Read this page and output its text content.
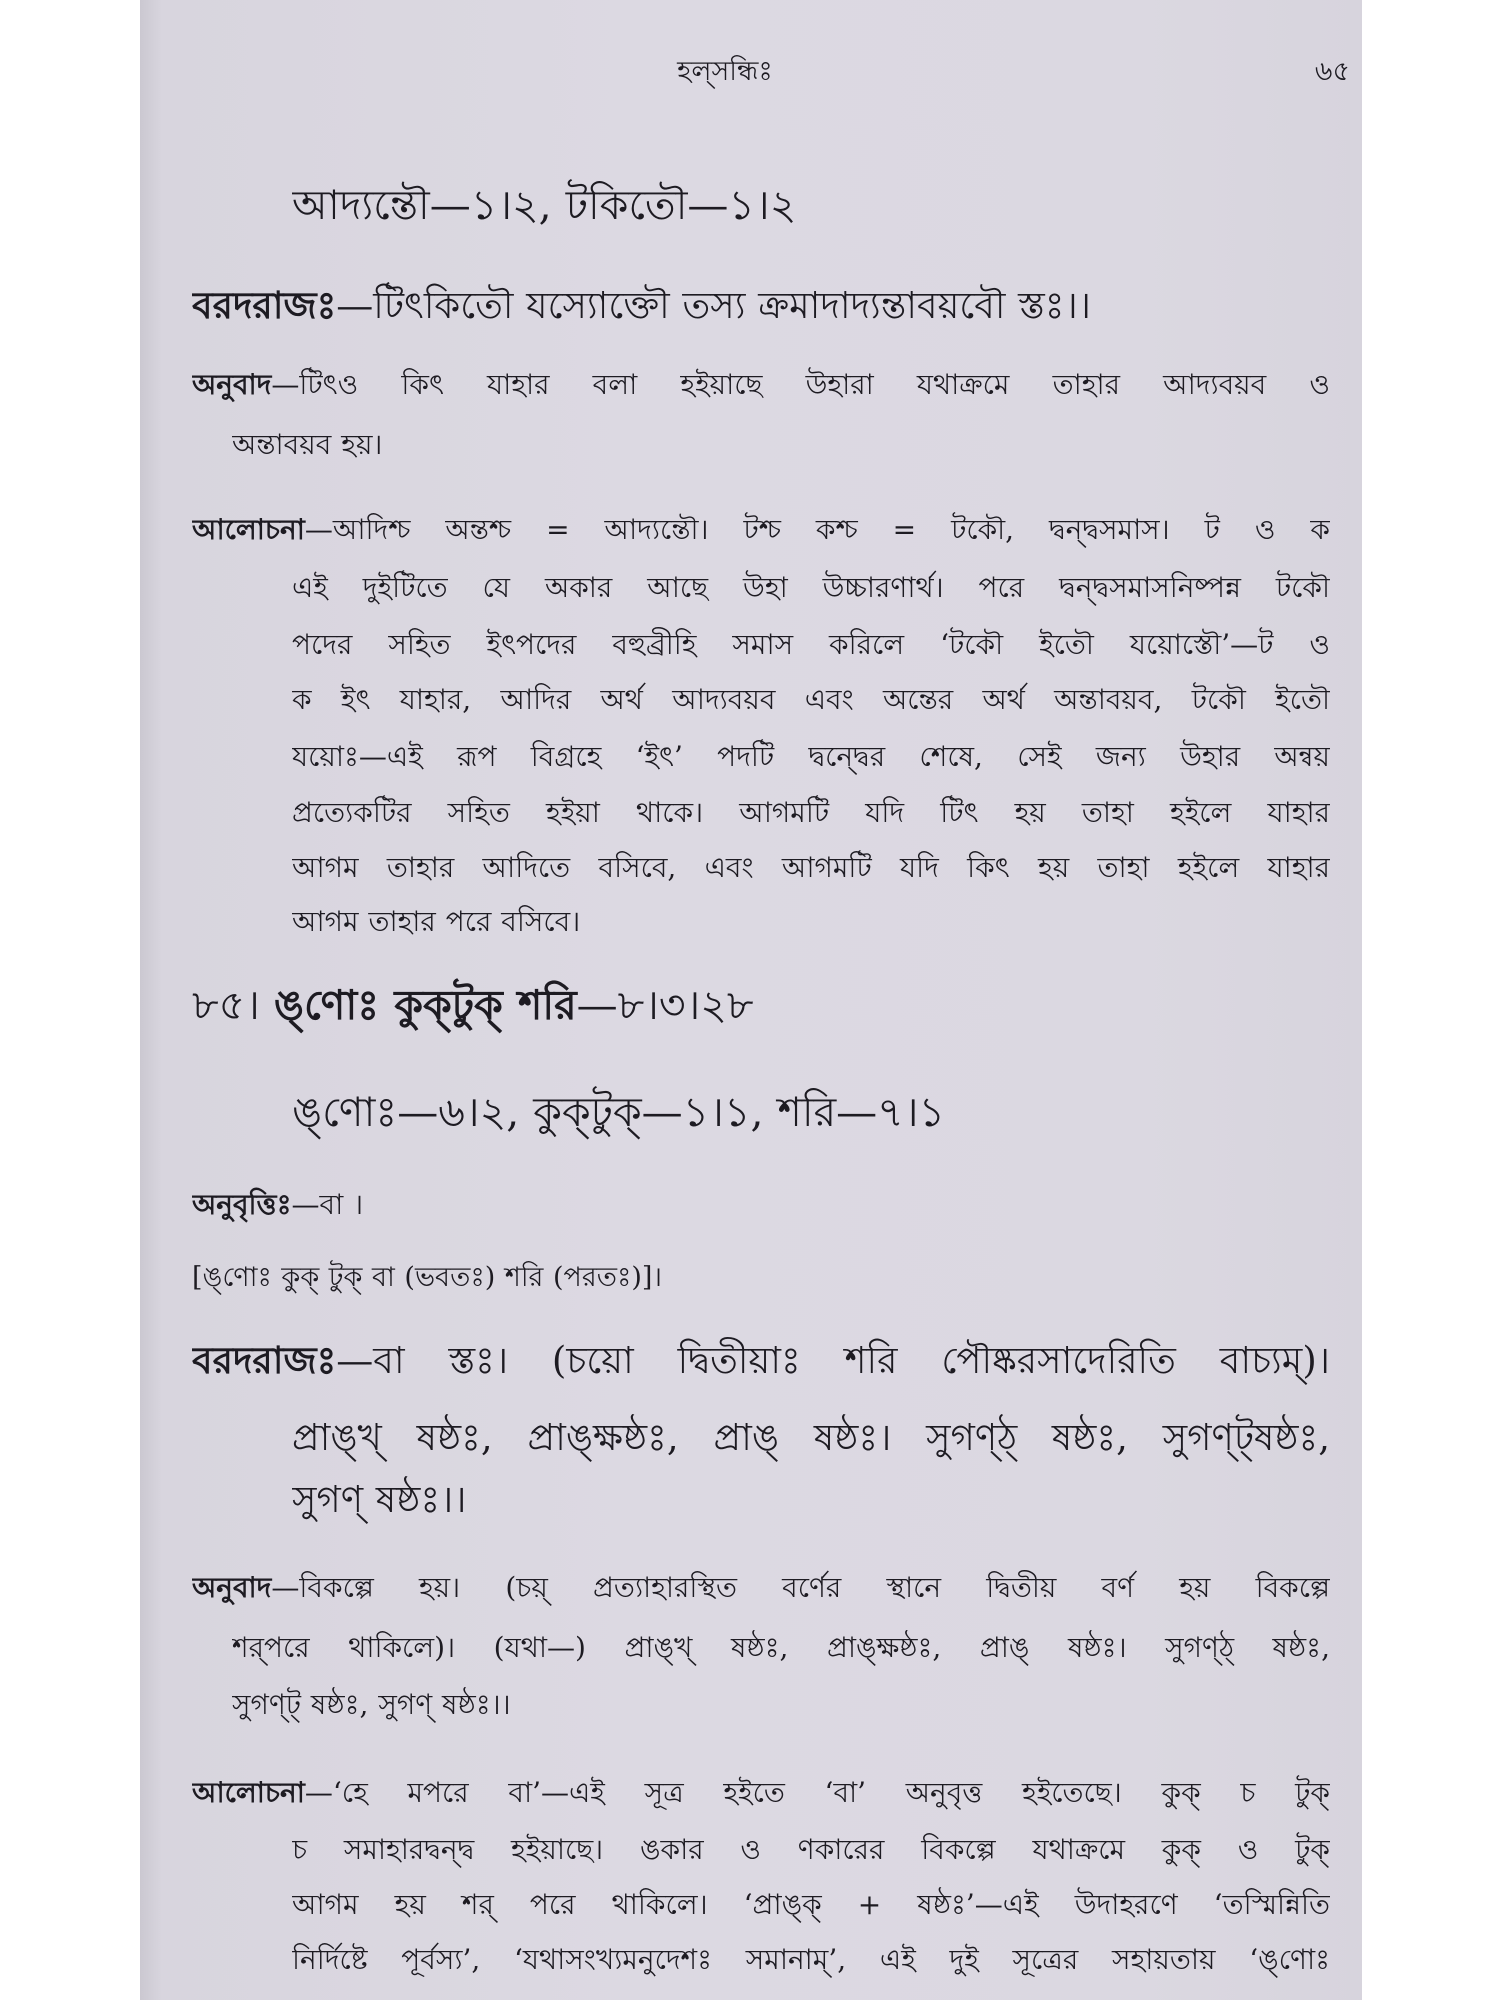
হল্‌সন্ধিঃ	৬৫
আদ্যন্তৌ—১।২, টকিতৌ—১।২
বরদরাজঃ—টিৎকিতৌ যস্যোক্তৌ তস্য ক্রমাদাদ্যন্তাবয়বৌ স্তঃ।।
অনুবাদ—টিৎও কিৎ যাহার বলা হইয়াছে উহারা যথাক্রমে তাহার আদ্যবয়ব ও
অন্তাবয়ব হয়।
আলোচনা—আদিশ্চ অন্তশ্চ = আদ্যন্তৌ। টশ্চ কশ্চ = টকৌ, দ্বন্দ্বসমাস। ট ও ক
এই দুইটিতে যে অকার আছে উহা উচ্চারণার্থ। পরে দ্বন্দ্বসমাসনিষ্পন্ন টকৌ
পদের সহিত ইৎপদের বহুব্রীহি সমাস করিলে ‘টকৌ ইতৌ যয়োস্তৌ’—ট ও
ক ইৎ যাহার, আদির অর্থ আদ্যবয়ব এবং অন্তের অর্থ অন্তাবয়ব, টকৌ ইতৌ
যয়োঃ—এই রূপ বিগ্রহে ‘ইৎ’ পদটি দ্বন্দ্বের শেষে, সেই জন্য উহার অন্বয়
প্রত্যেকটির সহিত হইয়া থাকে। আগমটি যদি টিৎ হয় তাহা হইলে যাহার
আগম তাহার আদিতে বসিবে, এবং আগমটি যদি কিৎ হয় তাহা হইলে যাহার
আগম তাহার পরে বসিবে।
৮৫। ঙ্‌ণোঃ কুক্‌টুক্ শরি—৮।৩।২৮
ঙ্‌ণোঃ—৬।২, কুক্‌টুক্—১।১, শরি—৭।১
অনুবৃত্তিঃ—বা ।
[ঙ্‌ণোঃ কুক্ টুক্ বা (ভবতঃ) শরি (পরতঃ)]।
বরদরাজঃ—বা স্তঃ। (চয়ো দ্বিতীয়াঃ শরি পৌষ্করসাদেরিতি বাচ্যম্)।
প্রাঙ্‌খ্ ষষ্ঠঃ, প্রাঙ্‌ক্ষষ্ঠঃ, প্রাঙ্ ষষ্ঠঃ। সুগণ্‌ঠ্ ষষ্ঠঃ, সুগণ্‌ট্‌ষষ্ঠঃ,
সুগণ্ ষষ্ঠঃ।।
অনুবাদ—বিকল্পে হয়। (চয়্ প্রত্যাহারস্থিত বর্ণের স্থানে দ্বিতীয় বর্ণ হয় বিকল্পে
শর্‌পরে থাকিলে)। (যথা—) প্রাঙ্‌খ্ ষষ্ঠঃ, প্রাঙ্‌ক্ষষ্ঠঃ, প্রাঙ্ ষষ্ঠঃ। সুগণ্‌ঠ্ ষষ্ঠঃ,
সুগণ্‌ট্ ষষ্ঠঃ, সুগণ্ ষষ্ঠঃ।।
আলোচনা—‘হে মপরে বা’—এই সূত্র হইতে ‘বা’ অনুবৃত্ত হইতেছে। কুক্ চ টুক্
চ সমাহারদ্বন্দ্ব হইয়াছে। ঙকার ও ণকারের বিকল্পে যথাক্রমে কুক্ ও টুক্
আগম হয় শর্ পরে থাকিলে। ‘প্রাঙ্‌ক্ + ষষ্ঠঃ’—এই উদাহরণে ‘তস্মিন্নিতি
নির্দিষ্টে পূর্বস্য’, ‘যথাসংখ্যমনুদেশঃ সমানাম্’, এই দুই সূত্রের সহায়তায় ‘ঙ্‌ণোঃ
